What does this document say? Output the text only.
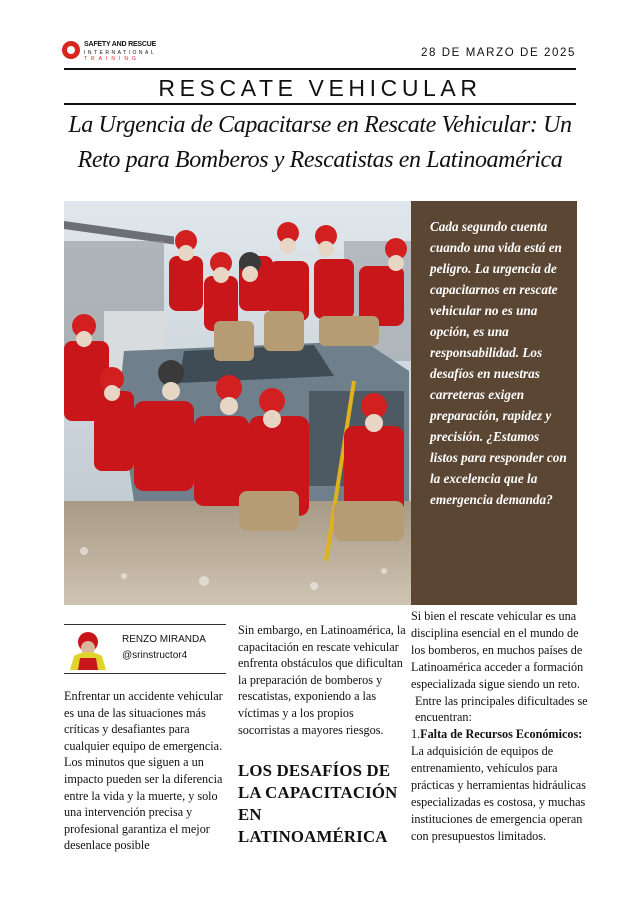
SAFETY AND RESCUE
INTERNATIONAL
TRAINING	28 DE MARZO DE 2025
RESCATE VEHICULAR
La Urgencia de Capacitarse en Rescate Vehicular: Un Reto para Bomberos y Rescatistas en Latinoamérica
Cada segundo cuenta cuando una vida está en peligro. La urgencia de capacitarnos en rescate vehicular no es una opción, es una responsabilidad. Los desafíos en nuestras carreteras exigen preparación, rapidez y precisión. ¿Estamos listos para responder con la excelencia que la emergencia demanda?
RENZO MIRANDA
@srinstructor4
Enfrentar un accidente vehicular es una de las situaciones más críticas y desafiantes para cualquier equipo de emergencia. Los minutos que siguen a un impacto pueden ser la diferencia entre la vida y la muerte, y solo una intervención precisa y profesional garantiza el mejor desenlace posible
Sin embargo, en Latinoamérica, la capacitación en rescate vehicular enfrenta obstáculos que dificultan la preparación de bomberos y rescatistas, exponiendo a las víctimas y a los propios socorristas a mayores riesgos.
LOS DESAFÍOS DE LA CAPACITACIÓN EN LATINOAMÉRICA

Si bien el rescate vehicular es una disciplina esencial en el mundo de los bomberos, en muchos países de Latinoamérica acceder a formación especializada sigue siendo un reto.

Entre las principales dificultades se encuentran:

1.Falta de Recursos Económicos: La adquisición de equipos de entrenamiento, vehículos para prácticas y herramientas hidráulicas especializadas es costosa, y muchas instituciones de emergencia operan con presupuestos limitados.
